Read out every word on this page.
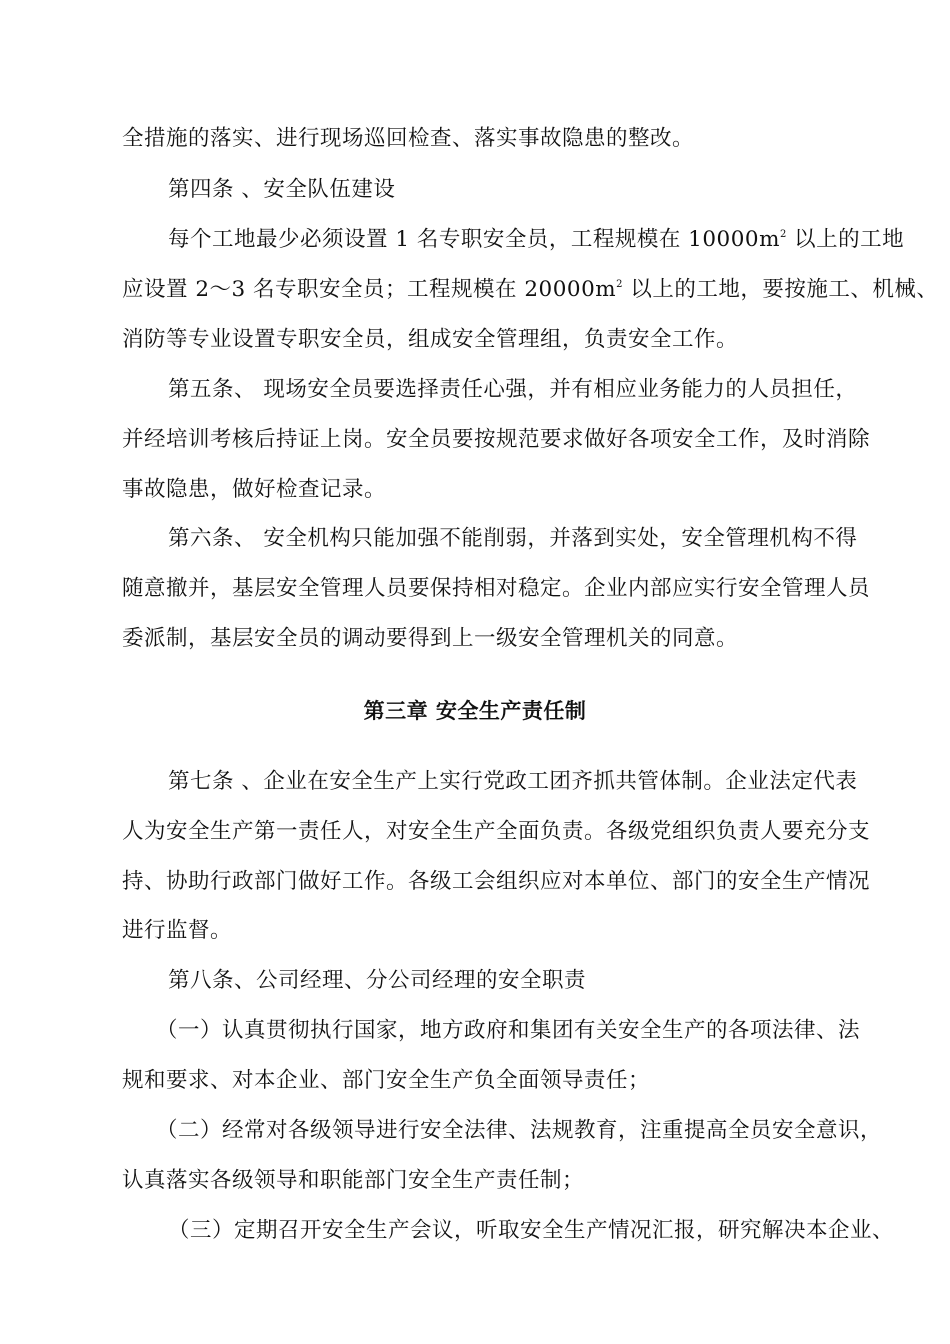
全措施的落实、进行现场巡回检查、落实事故隐患的整改。
第四条 、安全队伍建设
每个工地最少必须设置 1 名专职安全员，工程规模在 $10000m^2$ 以上的工地
应设置 2～3 名专职安全员；工程规模在 $20000m^2$ 以上的工地，要按施工、机械、
消防等专业设置专职安全员，组成安全管理组，负责安全工作。
第五条、 现场安全员要选择责任心强，并有相应业务能力的人员担任，
并经培训考核后持证上岗。安全员要按规范要求做好各项安全工作，及时消除
事故隐患，做好检查记录。
第六条、 安全机构只能加强不能削弱，并落到实处，安全管理机构不得
随意撤并，基层安全管理人员要保持相对稳定。企业内部应实行安全管理人员
委派制，基层安全员的调动要得到上一级安全管理机关的同意。
第三章 安全生产责任制
第七条 、企业在安全生产上实行党政工团齐抓共管体制。企业法定代表
人为安全生产第一责任人，对安全生产全面负责。各级党组织负责人要充分支
持、协助行政部门做好工作。各级工会组织应对本单位、部门的安全生产情况
进行监督。
第八条、公司经理、分公司经理的安全职责
（一）认真贯彻执行国家，地方政府和集团有关安全生产的各项法律、法
规和要求、对本企业、部门安全生产负全面领导责任；
（二）经常对各级领导进行安全法律、法规教育，注重提高全员安全意识，
认真落实各级领导和职能部门安全生产责任制；
（三）定期召开安全生产会议，听取安全生产情况汇报，研究解决本企业、
